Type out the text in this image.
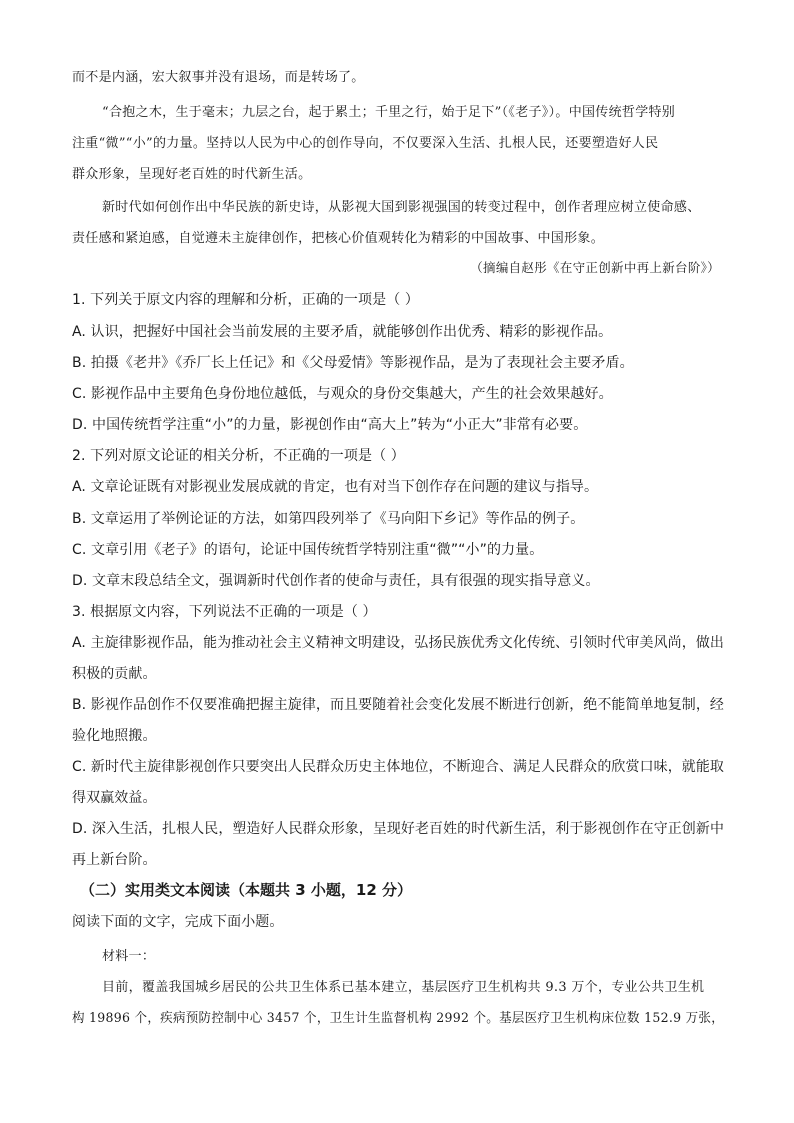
而不是内涵，宏大叙事并没有退场，而是转场了。
“合抱之木，生于毫末；九层之台，起于累土；千里之行，始于足下”（《老子》）。中国传统哲学特别
注重“微”“小”的力量。坚持以人民为中心的创作导向，不仅要深入生活、扎根人民，还要塑造好人民
群众形象，呈现好老百姓的时代新生活。
新时代如何创作出中华民族的新史诗，从影视大国到影视强国的转变过程中，创作者理应树立使命感、
责任感和紧迫感，自觉遵未主旋律创作，把核心价值观转化为精彩的中国故事、中国形象。
（摘编自赵彤《在守正创新中再上新台阶》）
1. 下列关于原文内容的理解和分析，正确的一项是（ ）
A. 认识，把握好中国社会当前发展的主要矛盾，就能够创作出优秀、精彩的影视作品。
B. 拍摄《老井》《乔厂长上任记》和《父母爱情》等影视作品，是为了表现社会主要矛盾。
C. 影视作品中主要角色身份地位越低，与观众的身份交集越大，产生的社会效果越好。
D. 中国传统哲学注重“小”的力量，影视创作由“高大上”转为“小正大”非常有必要。
2. 下列对原文论证的相关分析，不正确的一项是（ ）
A. 文章论证既有对影视业发展成就的肯定，也有对当下创作存在问题的建议与指导。
B. 文章运用了举例论证的方法，如第四段列举了《马向阳下乡记》等作品的例子。
C. 文章引用《老子》的语句，论证中国传统哲学特别注重“微”“小”的力量。
D. 文章末段总结全文，强调新时代创作者的使命与责任，具有很强的现实指导意义。
3. 根据原文内容，下列说法不正确的一项是（ ）
A. 主旋律影视作品，能为推动社会主义精神文明建设，弘扬民族优秀文化传统、引领时代审美风尚，做出
积极的贡献。
B. 影视作品创作不仅要准确把握主旋律，而且要随着社会变化发展不断进行创新，绝不能简单地复制，经
验化地照搬。
C. 新时代主旋律影视创作只要突出人民群众历史主体地位，不断迎合、满足人民群众的欣赏口味，就能取
得双赢效益。
D. 深入生活，扎根人民，塑造好人民群众形象，呈现好老百姓的时代新生活，利于影视创作在守正创新中
再上新台阶。
（二）实用类文本阅读（本题共 3 小题，12 分）
阅读下面的文字，完成下面小题。
材料一：
目前，覆盖我国城乡居民的公共卫生体系已基本建立，基层医疗卫生机构共 9.3 万个，专业公共卫生机
构 19896 个，疾病预防控制中心 3457 个，卫生计生监督机构 2992 个。基层医疗卫生机构床位数 152.9 万张，
